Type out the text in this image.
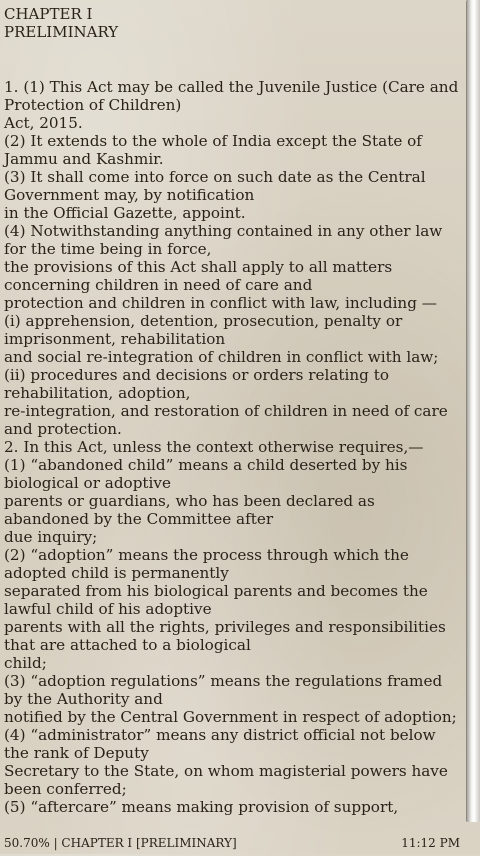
CHAPTER I
PRELIMINARY
1. (1) This Act may be called the Juvenile Justice (Care and
Protection of Children)
Act, 2015.
(2) It extends to the whole of India except the State of
Jammu and Kashmir.
(3) It shall come into force on such date as the Central
Government may, by notification
in the Official Gazette, appoint.
(4) Notwithstanding anything contained in any other law
for the time being in force,
the provisions of this Act shall apply to all matters
concerning children in need of care and
protection and children in conflict with law, including —
(i) apprehension, detention, prosecution, penalty or
imprisonment, rehabilitation
and social re-integration of children in conflict with law;
(ii) procedures and decisions or orders relating to
rehabilitation, adoption,
re-integration, and restoration of children in need of care
and protection.
2. In this Act, unless the context otherwise requires,—
(1) “abandoned child” means a child deserted by his
biological or adoptive
parents or guardians, who has been declared as
abandoned by the Committee after
due inquiry;
(2) “adoption” means the process through which the
adopted child is permanently
separated from his biological parents and becomes the
lawful child of his adoptive
parents with all the rights, privileges and responsibilities
that are attached to a biological
child;
(3) “adoption regulations” means the regulations framed
by the Authority and
notified by the Central Government in respect of adoption;
(4) “administrator” means any district official not below
the rank of Deputy
Secretary to the State, on whom magisterial powers have
been conferred;
(5) “aftercare” means making provision of support,
50.70% | CHAPTER I [PRELIMINARY]	11:12 PM
